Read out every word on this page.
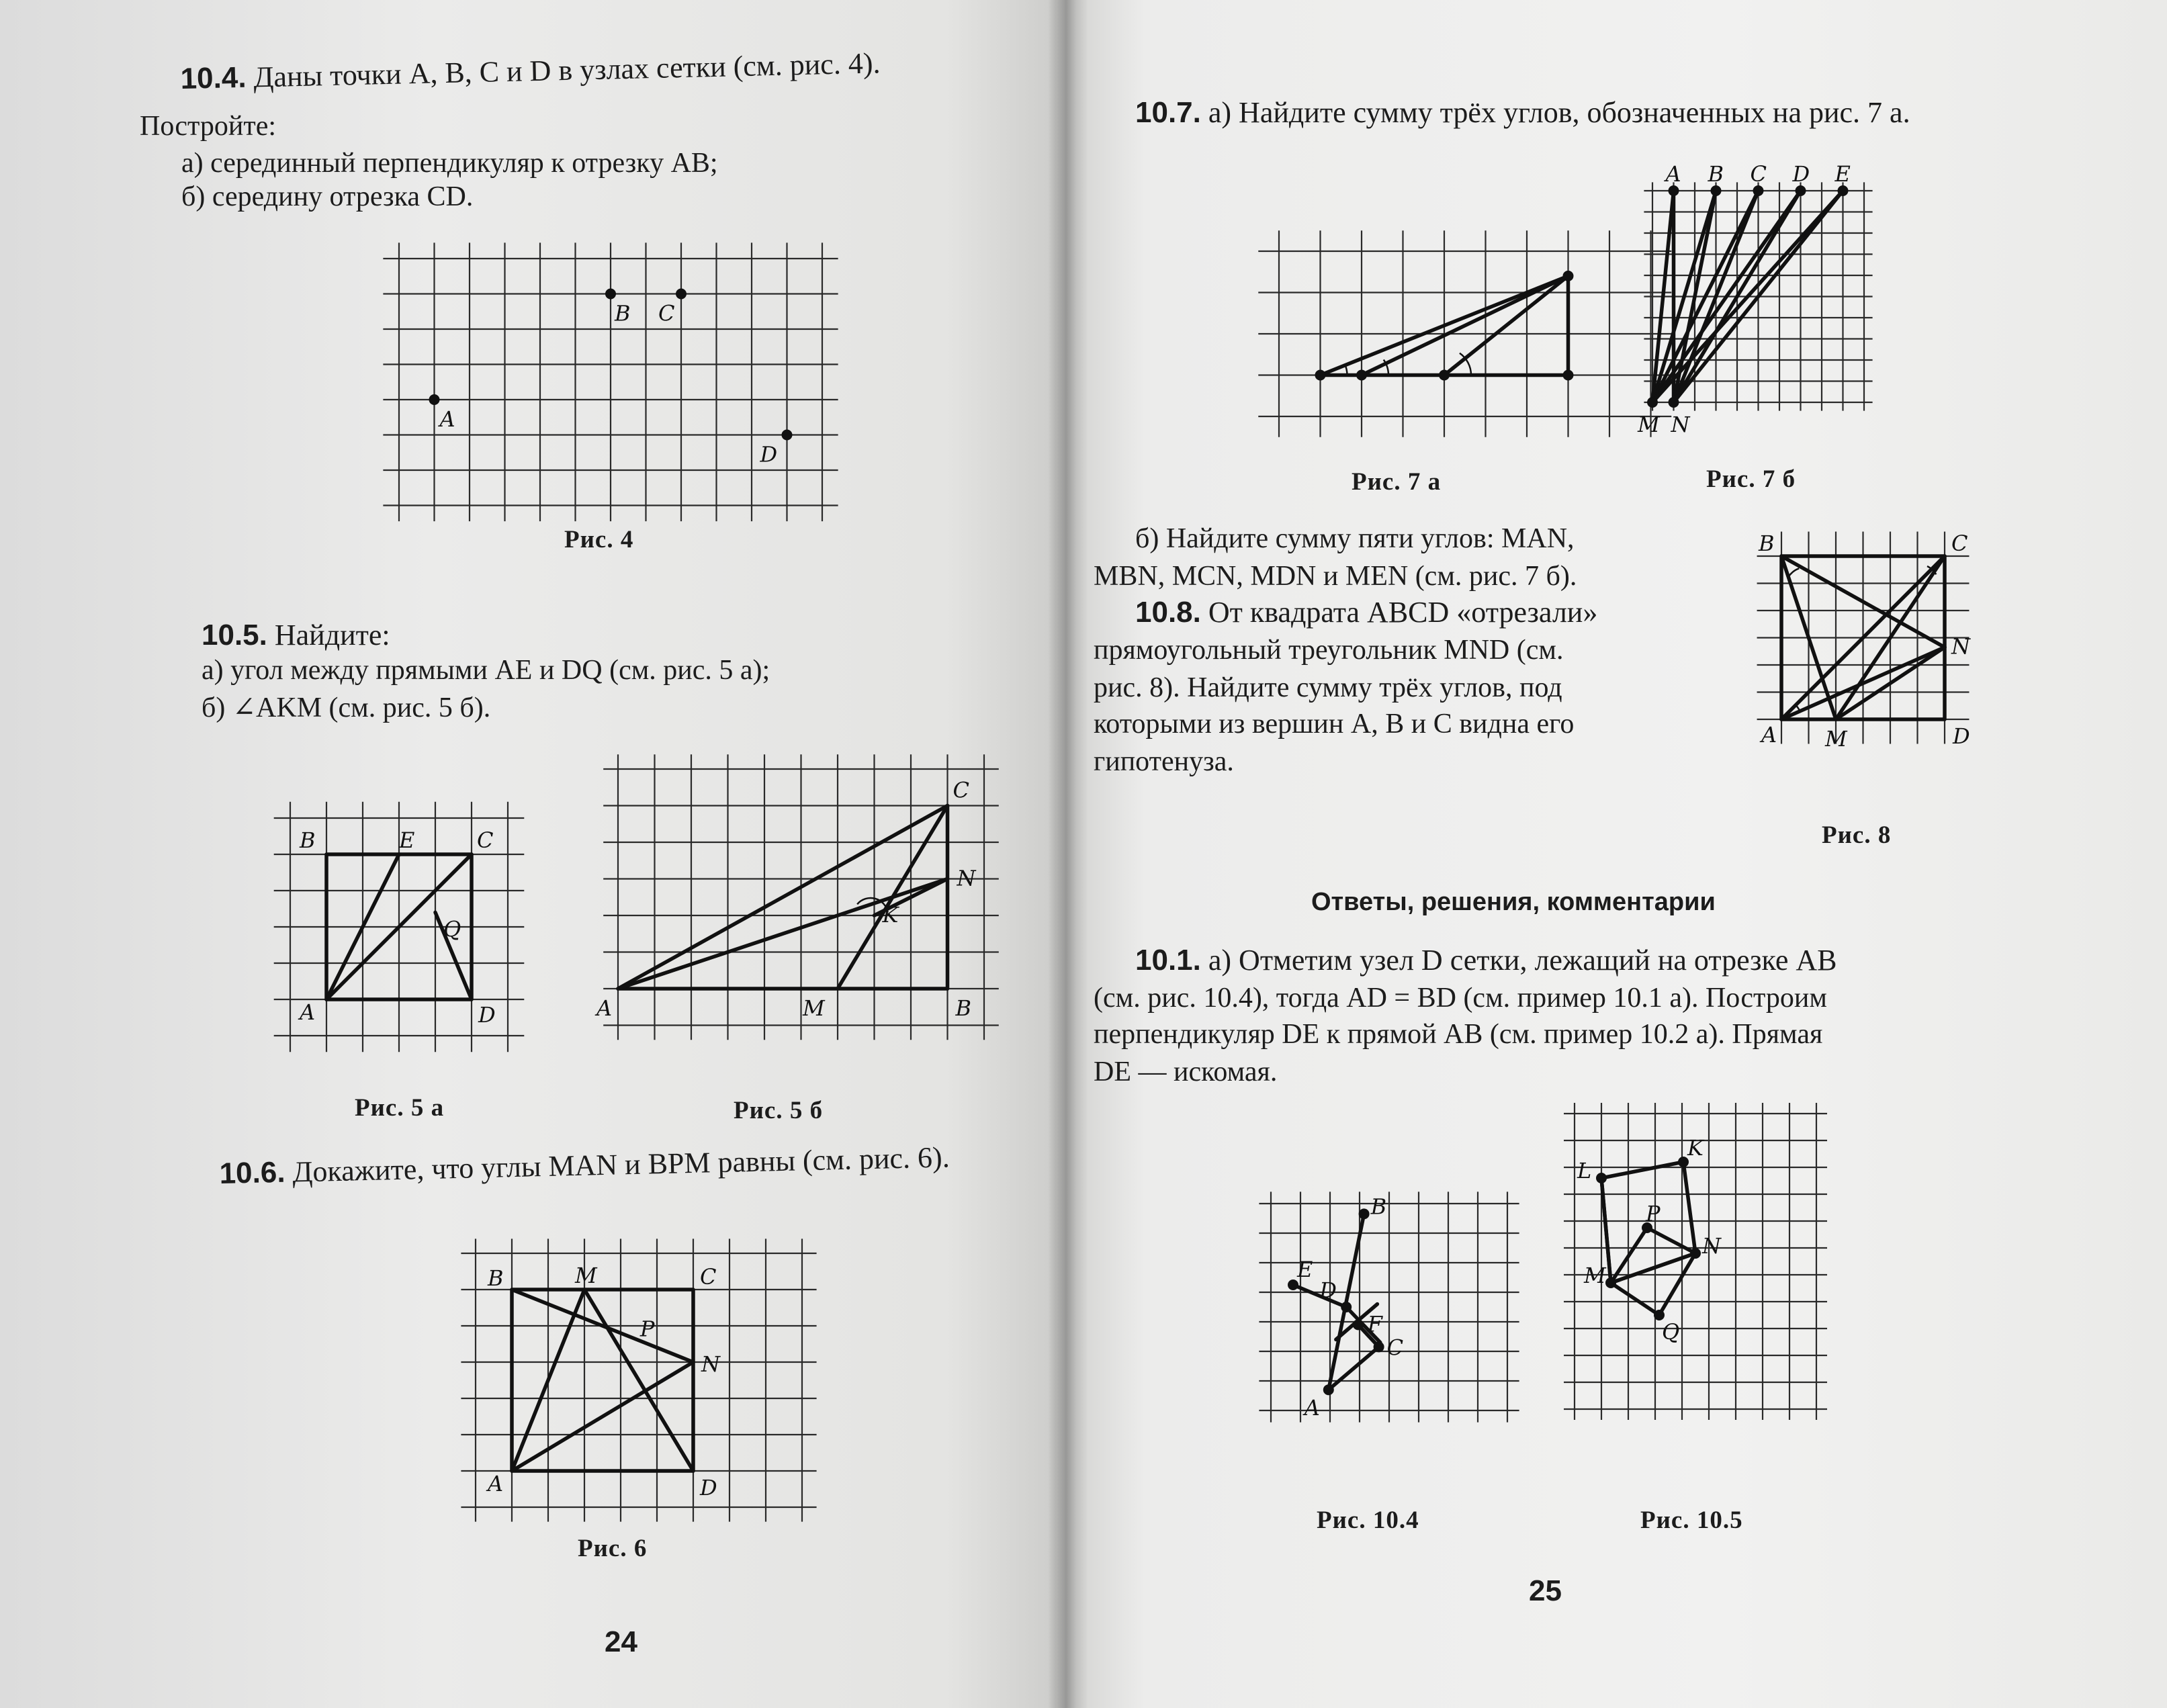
10.4. Даны точки A, B, C и D в узлах сетки (см. рис. 4).
Постройте:
а) серединный перпендикуляр к отрезку AB;
б) середину отрезка CD.
Рис. 4
10.5. Найдите:
а) угол между прямыми AE и DQ (см. рис. 5 а);
б) ∠AKM (см. рис. 5 б).
Рис. 5 а	Рис. 5 б
10.6. Докажите, что углы MAN и BPM равны (см. рис. 6).
Рис. 6
24
10.7. а) Найдите сумму трёх углов, обозначенных на рис. 7 а.
Рис. 7 а	Рис. 7 б
б) Найдите сумму пяти углов: MAN,
MBN, MCN, MDN и MEN (см. рис. 7 б).
10.8. От квадрата ABCD «отрезали»
прямоугольный треугольник MND (см.
рис. 8). Найдите сумму трёх углов, под
которыми из вершин A, B и C видна его
гипотенуза.
Рис. 8
Ответы, решения, комментарии
10.1. а) Отметим узел D сетки, лежащий на отрезке AB
(см. рис. 10.4), тогда AD = BD (см. пример 10.1 а). Построим
перпендикуляр DE к прямой AB (см. пример 10.2 а). Прямая
DE — искомая.
Рис. 10.4	Рис. 10.5
25
A
B C
D
B	E	C
Q
A	D
C
N
K
A	M	B
B	M	C
P
N
A	D
A B C D E
M N
B	C
N
A M	D
B
E
D
F
C
A
L
K
P
N
M
Q
